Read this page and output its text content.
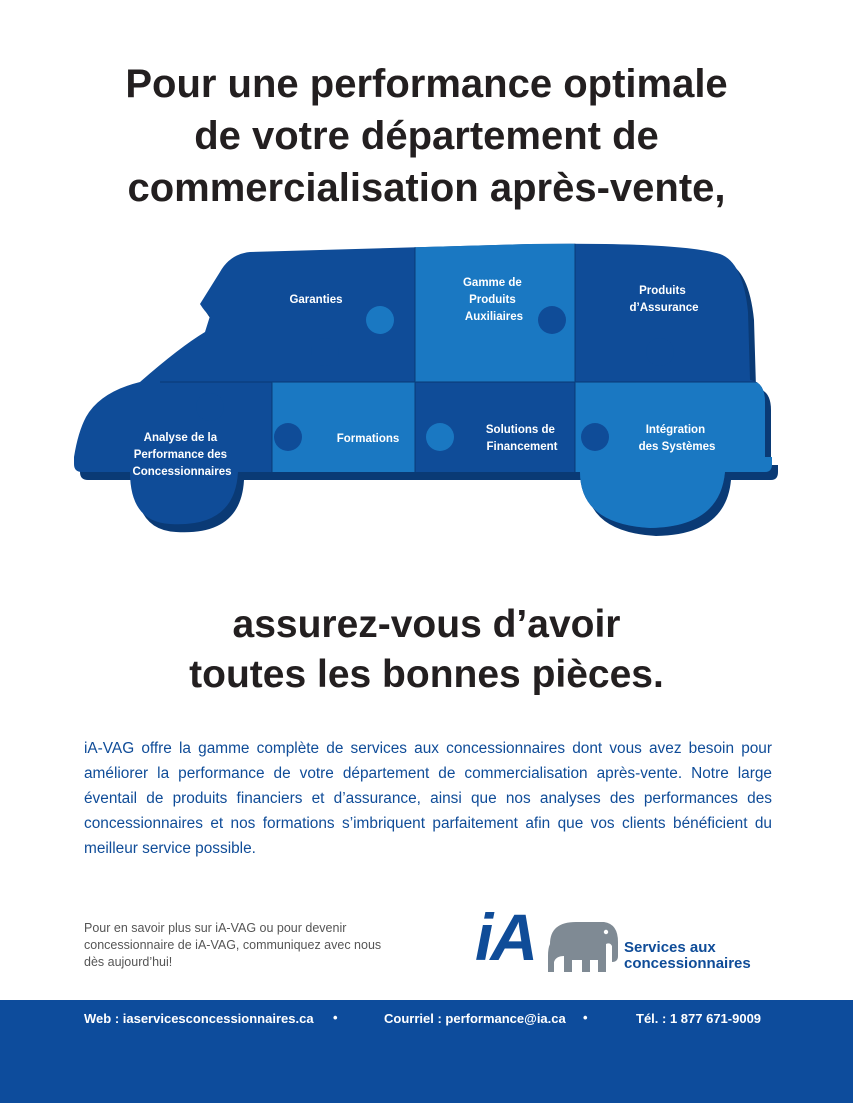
Pour une performance optimale
de votre département de
commercialisation après-vente,
Garanties
Gamme de Produits Auxiliaires
Produits d’Assurance
Analyse de la Performance des Concessionnaires
Formations
Solutions de Financement
Intégration des Systèmes
assurez-vous d’avoir
toutes les bonnes pièces.

iA-VAG offre la gamme complète de services aux concessionnaires dont vous avez besoin pour améliorer la performance de votre département de commercialisation après-vente. Notre large éventail de produits financiers et d’assurance, ainsi que nos analyses des performances des concessionnaires et nos formations s’imbriquent parfaitement afin que vos clients bénéficient du meilleur service possible.

Pour en savoir plus sur iA-VAG ou pour devenir concessionnaire de iA-VAG, communiquez avec nous dès aujourd’hui!	iA	Services aux
concessionnaires
Web : iaservicesconcessionnaires.ca •	Courriel : performance@ia.ca •	Tél. : 1 877 671-9009
